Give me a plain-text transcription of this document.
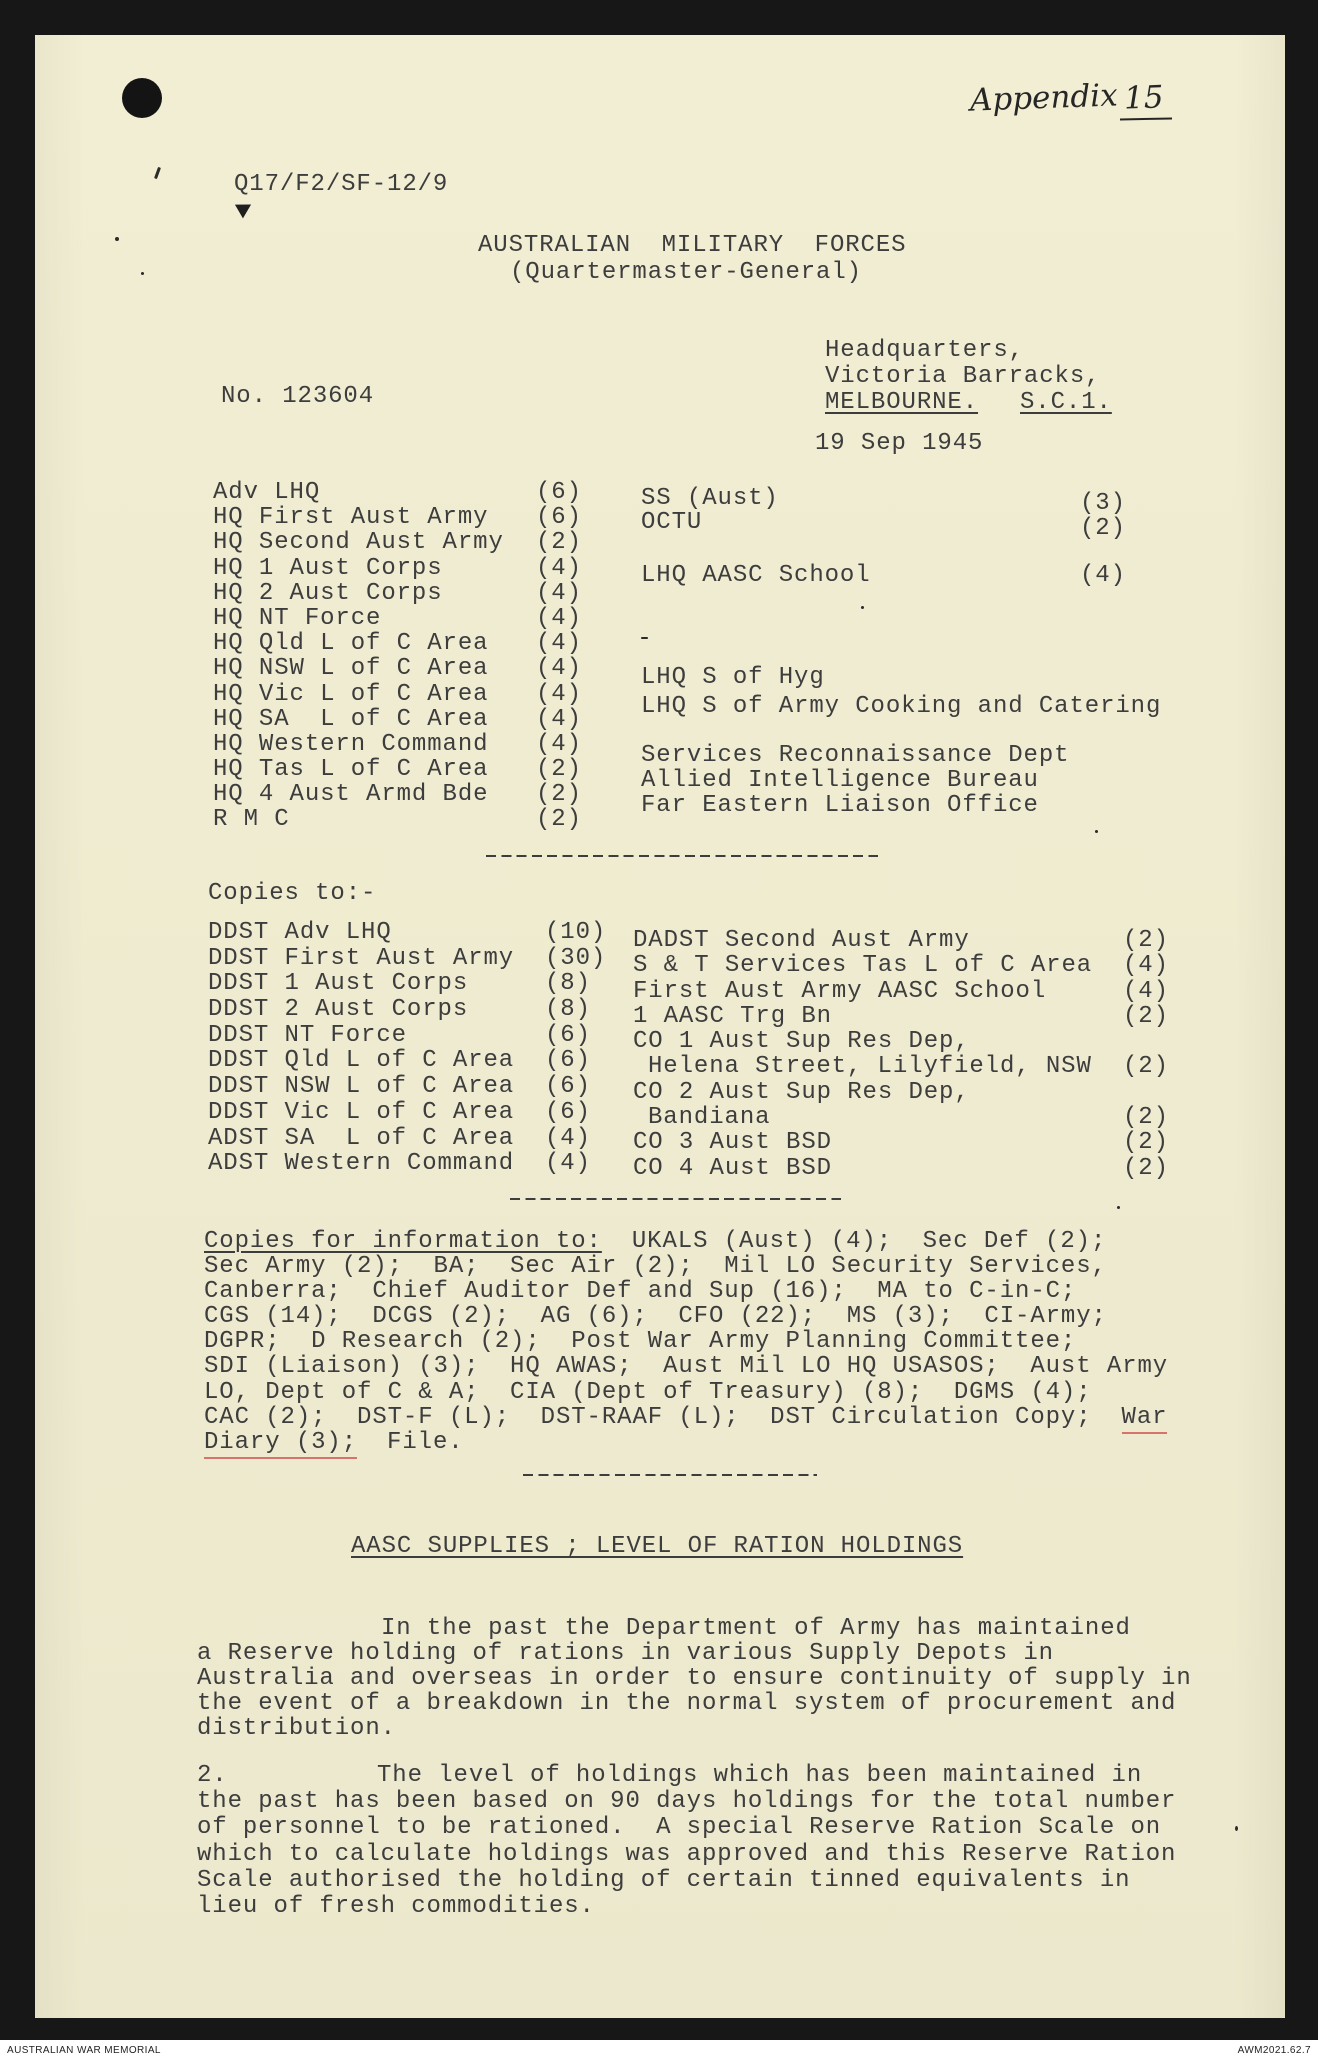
Appendix 15
Q17/F2/SF-12/9
AUSTRALIAN  MILITARY  FORCES
(Quartermaster-General)
Headquarters,
Victoria Barracks,
MELBOURNE. S.C.1.
No. 123604
19 Sep 1945
Adv LHQ	(6)
HQ First Aust Army (6)
HQ Second Aust Army (2)
HQ 1 Aust Corps	(4)
HQ 2 Aust Corps	(4)
HQ NT Force	(4)
HQ Qld L of C Area (4)
HQ NSW L of C Area (4)
HQ Vic L of C Area (4)
HQ SA  L of C Area (4)
HQ Western Command (4)
HQ Tas L of C Area (2)
HQ 4 Aust Armd Bde (2)
R M C	(2)
SS (Aust)	(3)
OCTU	(2)
LHQ AASC School	(4)
LHQ S of Hyg
LHQ S of Army Cooking and Catering
Services Reconnaissance Dept
Allied Intelligence Bureau
Far Eastern Liaison Office
Copies to:-
DDST Adv LHQ	(10)
DDST First Aust Army (30)
DDST 1 Aust Corps	(8)
DDST 2 Aust Corps	(8)
DDST NT Force	(6)
DDST Qld L of C Area (6)
DDST NSW L of C Area (6)
DDST Vic L of C Area (6)
ADST SA  L of C Area (4)
ADST Western Command (4)
DADST Second Aust Army	(2)
S & T Services Tas L of C Area (4)
First Aust Army AASC School	(4)
1 AASC Trg Bn	(2)
CO 1 Aust Sup Res Dep,
Helena Street, Lilyfield, NSW (2)
CO 2 Aust Sup Res Dep,
Bandiana	(2)
CO 3 Aust BSD	(2)
CO 4 Aust BSD	(2)
Copies for information to: UKALS (Aust) (4);  Sec Def (2);
Sec Army (2);  BA;  Sec Air (2);  Mil LO Security Services,
Canberra;  Chief Auditor Def and Sup (16);  MA to C-in-C;
CGS (14);  DCGS (2);  AG (6);  CFO (22);  MS (3);  CI-Army;
DGPR;  D Research (2);  Post War Army Planning Committee;
SDI (Liaison) (3);  HQ AWAS;  Aust Mil LO HQ USASOS;  Aust Army
LO, Dept of C & A;  CIA (Dept of Treasury) (8);  DGMS (4);
CAC (2);  DST-F (L);  DST-RAAF (L);  DST Circulation Copy; War
Diary (3); File.
AASC SUPPLIES ; LEVEL OF RATION HOLDINGS
In the past the Department of Army has maintained
a Reserve holding of rations in various Supply Depots in
Australia and overseas in order to ensure continuity of supply in
the event of a breakdown in the normal system of procurement and
distribution.
2.	The level of holdings which has been maintained in
the past has been based on 90 days holdings for the total number
of personnel to be rationed.  A special Reserve Ration Scale on
which to calculate holdings was approved and this Reserve Ration
Scale authorised the holding of certain tinned equivalents in
lieu of fresh commodities.
AUSTRALIAN WAR MEMORIAL	AWM2021.62.7
